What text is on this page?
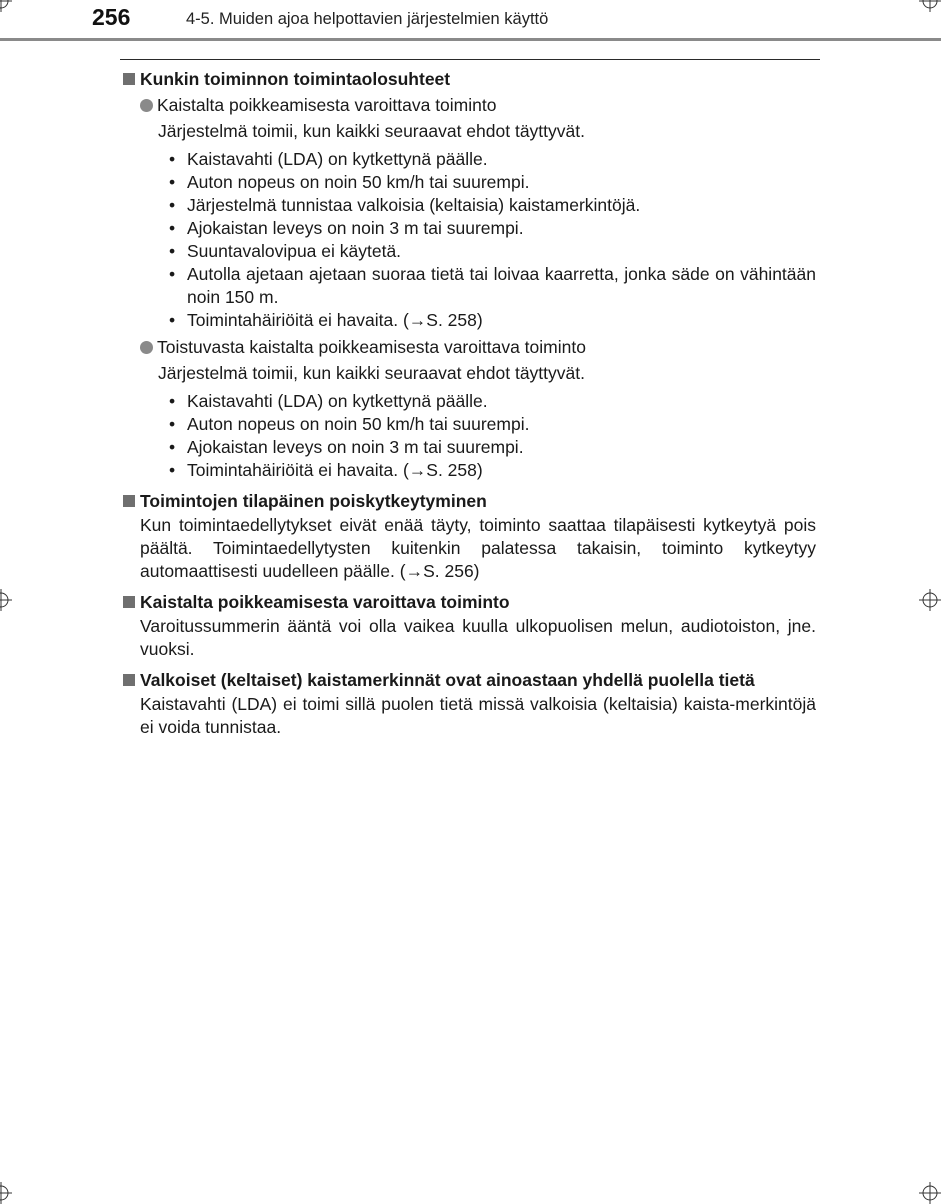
256	4-5. Muiden ajoa helpottavien järjestelmien käyttö
Kunkin toiminnon toimintaolosuhteet
Kaistalta poikkeamisesta varoittava toiminto
Järjestelmä toimii, kun kaikki seuraavat ehdot täyttyvät.
• Kaistavahti (LDA) on kytkettynä päälle.
• Auton nopeus on noin 50 km/h tai suurempi.
• Järjestelmä tunnistaa valkoisia (keltaisia) kaistamerkintöjä.
• Ajokaistan leveys on noin 3 m tai suurempi.
• Suuntavalovipua ei käytetä.
• Autolla ajetaan ajetaan suoraa tietä tai loivaa kaarretta, jonka säde on vähintään noin 150 m.
• Toimintahäiriöitä ei havaita. (→S. 258)
Toistuvasta kaistalta poikkeamisesta varoittava toiminto
Järjestelmä toimii, kun kaikki seuraavat ehdot täyttyvät.
• Kaistavahti (LDA) on kytkettynä päälle.
• Auton nopeus on noin 50 km/h tai suurempi.
• Ajokaistan leveys on noin 3 m tai suurempi.
• Toimintahäiriöitä ei havaita. (→S. 258)
Toimintojen tilapäinen poiskytkeytyminen
Kun toimintaedellytykset eivät enää täyty, toiminto saattaa tilapäisesti kytkeytyä pois päältä. Toimintaedellytysten kuitenkin palatessa takaisin, toiminto kytkeytyy automaattisesti uudelleen päälle. (→S. 256)
Kaistalta poikkeamisesta varoittava toiminto
Varoitussummerin ääntä voi olla vaikea kuulla ulkopuolisen melun, audiotoiston, jne. vuoksi.
Valkoiset (keltaiset) kaistamerkinnät ovat ainoastaan yhdellä puolella tietä
Kaistavahti (LDA) ei toimi sillä puolen tietä missä valkoisia (keltaisia) kaista-merkintöjä ei voida tunnistaa.
